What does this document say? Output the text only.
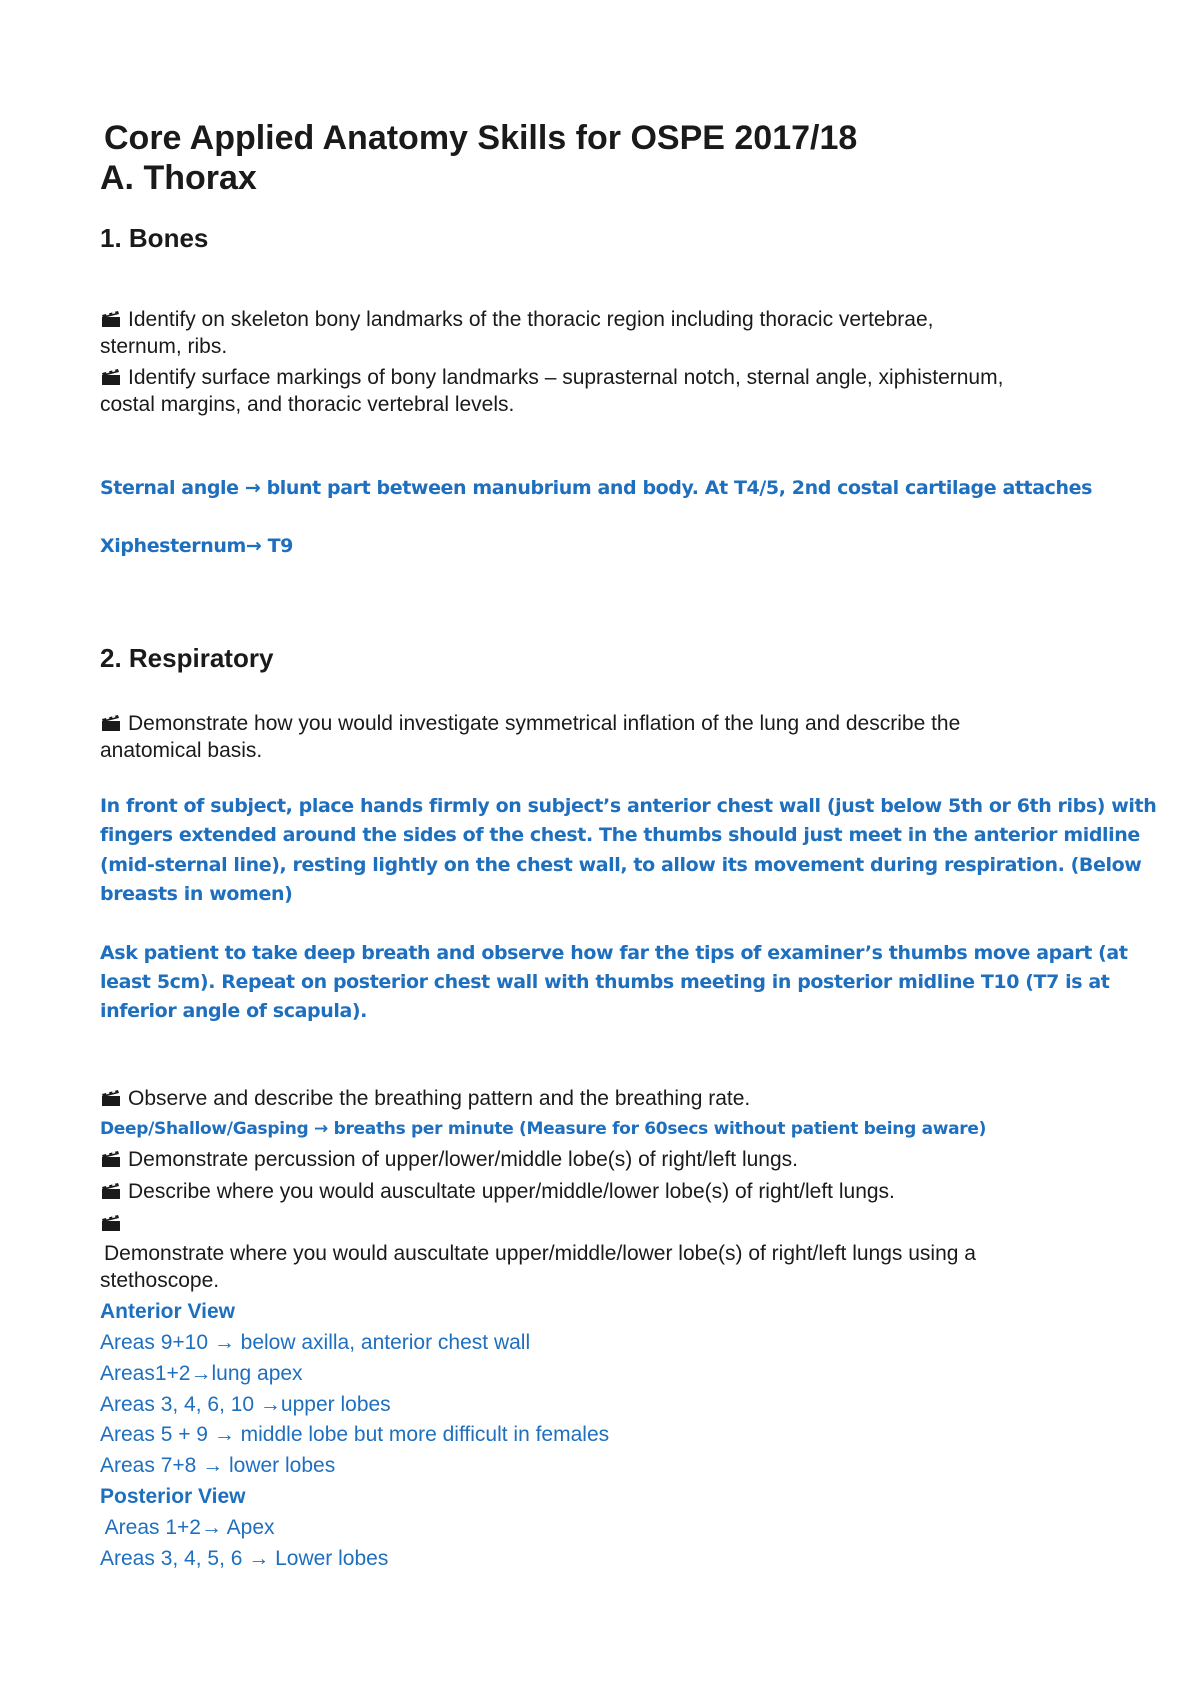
Core Applied Anatomy Skills for OSPE 2017/18
A. Thorax
1. Bones
Identify on skeleton bony landmarks of the thoracic region including thoracic vertebrae,
sternum, ribs.
Identify surface markings of bony landmarks – suprasternal notch, sternal angle, xiphisternum,
costal margins, and thoracic vertebral levels.
Sternal angle → blunt part between manubrium and body. At T4/5, 2nd costal cartilage attaches
Xiphesternum→ T9
2. Respiratory
Demonstrate how you would investigate symmetrical inflation of the lung and describe the
anatomical basis.
In front of subject, place hands firmly on subject’s anterior chest wall (just below 5th or 6th ribs) with
fingers extended around the sides of the chest. The thumbs should just meet in the anterior midline
(mid-sternal line), resting lightly on the chest wall, to allow its movement during respiration. (Below
breasts in women)
Ask patient to take deep breath and observe how far the tips of examiner’s thumbs move apart (at
least 5cm). Repeat on posterior chest wall with thumbs meeting in posterior midline T10 (T7 is at
inferior angle of scapula).
Observe and describe the breathing pattern and the breathing rate.
Deep/Shallow/Gasping → breaths per minute (Measure for 60secs without patient being aware)
Demonstrate percussion of upper/lower/middle lobe(s) of right/left lungs.
Describe where you would auscultate upper/middle/lower lobe(s) of right/left lungs.
Demonstrate where you would auscultate upper/middle/lower lobe(s) of right/left lungs using a
stethoscope.
Anterior View
Areas 9+10 → below axilla, anterior chest wall
Areas1+2→lung apex
Areas 3, 4, 6, 10 →upper lobes
Areas 5 + 9 → middle lobe but more difficult in females
Areas 7+8 → lower lobes
Posterior View
Areas 1+2→ Apex
Areas 3, 4, 5, 6 → Lower lobes
